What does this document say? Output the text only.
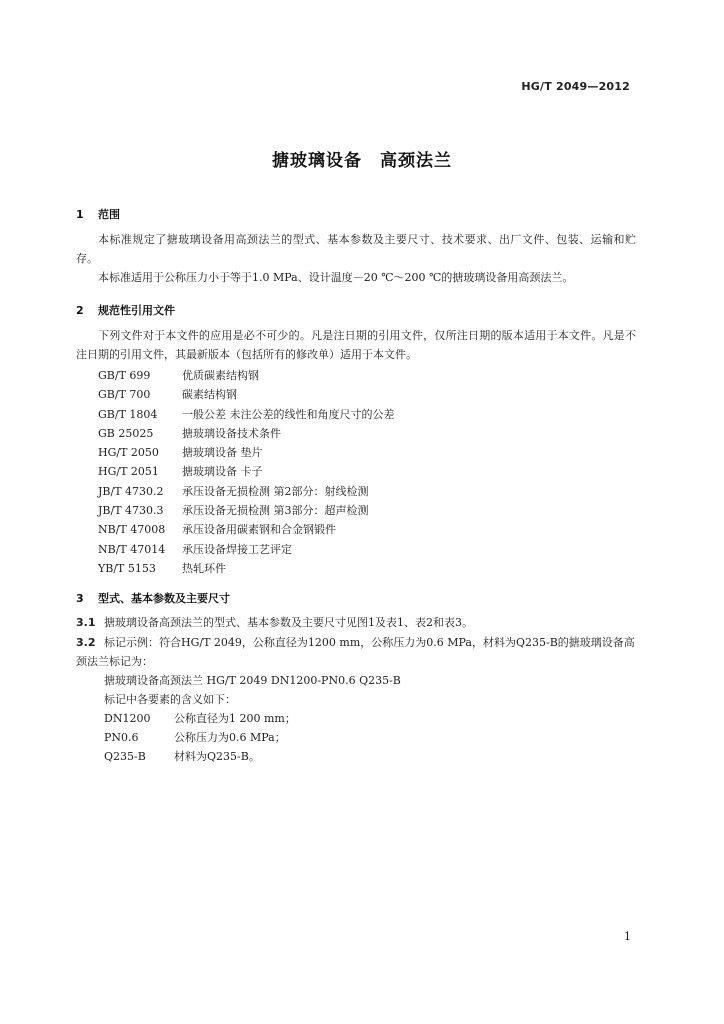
HG/T 2049—2012
搪玻璃设备 高颈法兰
1 范围

本标准规定了搪玻璃设备用高颈法兰的型式、基本参数及主要尺寸、技术要求、出厂文件、包装、运输和贮存。

本标准适用于公称压力小于等于1.0 MPa、设计温度－20 ℃～200 ℃的搪玻璃设备用高颈法兰。

2 规范性引用文件

下列文件对于本文件的应用是必不可少的。凡是注日期的引用文件，仅所注日期的版本适用于本文件。凡是不注日期的引用文件，其最新版本（包括所有的修改单）适用于本文件。

GB/T 699	优质碳素结构钢
GB/T 700	碳素结构钢
GB/T 1804 一般公差 未注公差的线性和角度尺寸的公差
GB 25025	搪玻璃设备技术条件
HG/T 2050 搪玻璃设备 垫片
HG/T 2051 搪玻璃设备 卡子
JB/T 4730.2 承压设备无损检测 第2部分：射线检测
JB/T 4730.3 承压设备无损检测 第3部分：超声检测
NB/T 47008 承压设备用碳素钢和合金钢锻件
NB/T 47014 承压设备焊接工艺评定
YB/T 5153 热轧环件
3 型式、基本参数及主要尺寸
3.1 搪玻璃设备高颈法兰的型式、基本参数及主要尺寸见图1及表1、表2和表3。
3.2 标记示例：符合HG/T 2049，公称直径为1200 mm，公称压力为0.6 MPa，材料为Q235-B的搪玻璃设备高颈法兰标记为：
搪玻璃设备高颈法兰 HG/T 2049 DN1200-PN0.6 Q235-B
标记中各要素的含义如下：
DN1200 公称直径为1 200 mm；
PN0.6	公称压力为0.6 MPa；
Q235-B	材料为Q235-B。
1
